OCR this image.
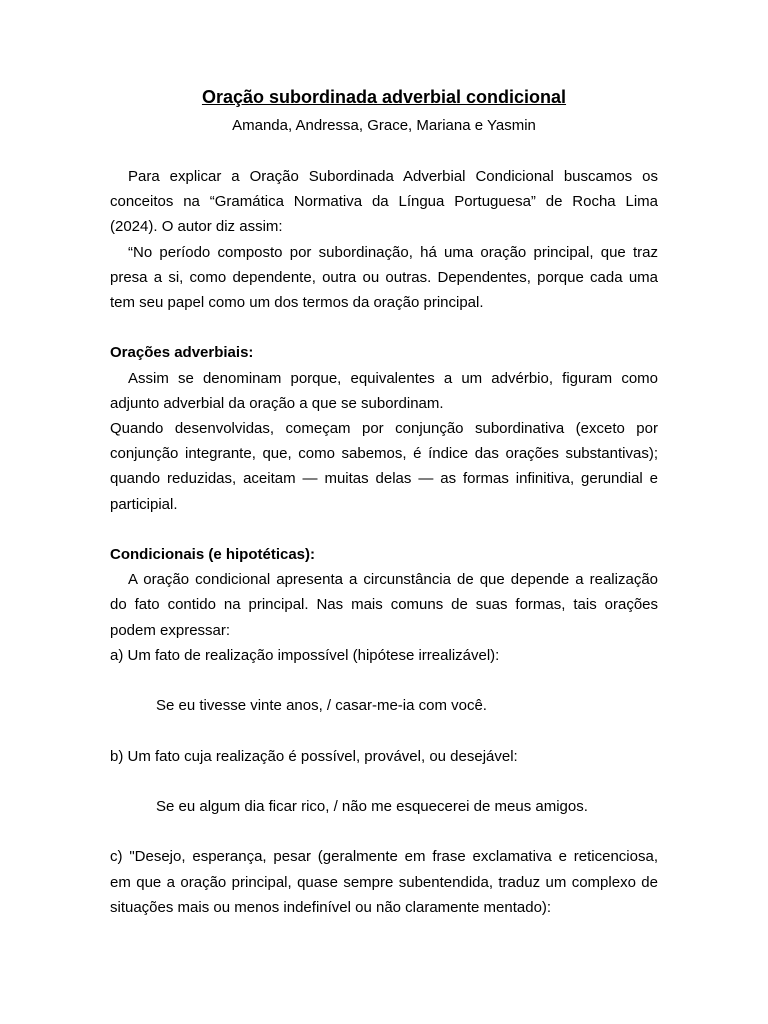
Oração subordinada adverbial condicional

Amanda, Andressa, Grace, Mariana e Yasmin

Para explicar a Oração Subordinada Adverbial Condicional buscamos os conceitos na “Gramática Normativa da Língua Portuguesa” de Rocha Lima (2024). O autor diz assim:

“No período composto por subordinação, há uma oração principal, que traz presa a si, como dependente, outra ou outras. Dependentes, porque cada uma tem seu papel como um dos termos da oração principal.

Orações adverbiais:

Assim se denominam porque, equivalentes a um advérbio, figuram como adjunto adverbial da oração a que se subordinam.

Quando desenvolvidas, começam por conjunção subordinativa (exceto por conjunção integrante, que, como sabemos, é índice das orações substantivas); quando reduzidas, aceitam — muitas delas — as formas infinitiva, gerundial e participial.

Condicionais (e hipotéticas):

A oração condicional apresenta a circunstância de que depende a realização do fato contido na principal. Nas mais comuns de suas formas, tais orações podem expressar:

a) Um fato de realização impossível (hipótese irrealizável):

Se eu tivesse vinte anos, / casar-me-ia com você.

b) Um fato cuja realização é possível, provável, ou desejável:

Se eu algum dia ficar rico, / não me esquecerei de meus amigos.

c) "Desejo, esperança, pesar (geralmente em frase exclamativa e reticenciosa, em que a oração principal, quase sempre subentendida, traduz um complexo de situações mais ou menos indefinível ou não claramente mentado):
